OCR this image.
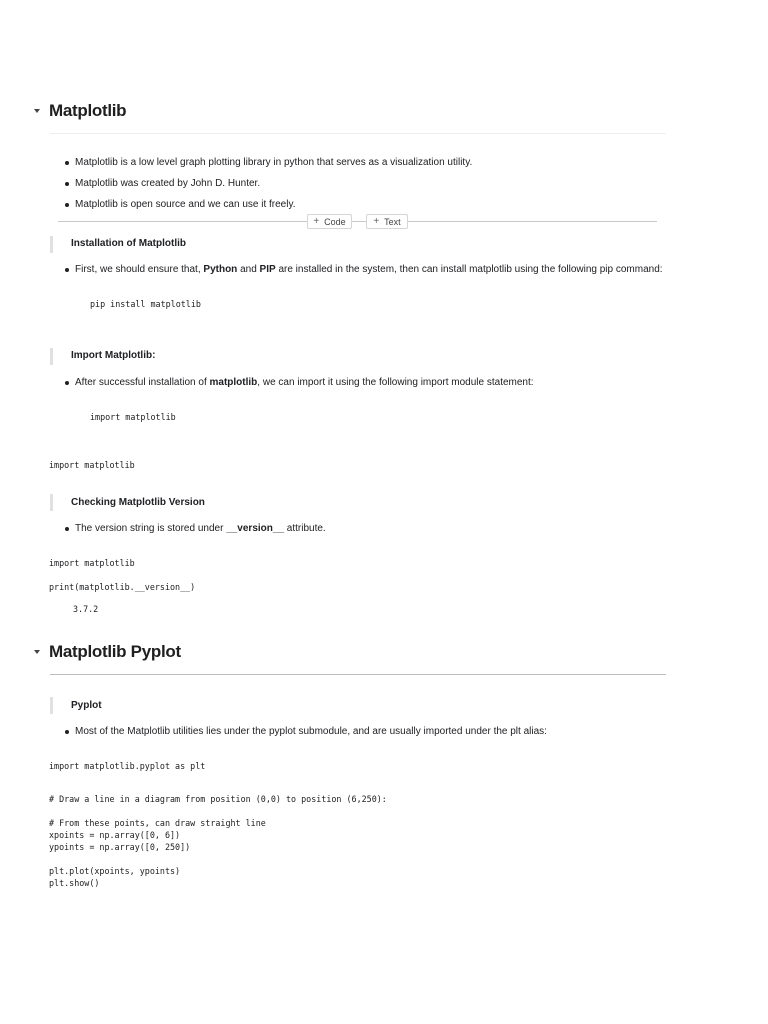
Matplotlib
Matplotlib is a low level graph plotting library in python that serves as a visualization utility.
Matplotlib was created by John D. Hunter.
Matplotlib is open source and we can use it freely.
+ Code	+ Text
Installation of Matplotlib
First, we should ensure that, Python and PIP are installed in the system, then can install matplotlib using the following pip command:
pip install matplotlib
Import Matplotlib:
After successful installation of matplotlib, we can import it using the following import module statement:
import matplotlib
import matplotlib
Checking Matplotlib Version
The version string is stored under __version__ attribute.
import matplotlib
print(matplotlib.__version__)
3.7.2
Matplotlib Pyplot
Pyplot
Most of the Matplotlib utilities lies under the pyplot submodule, and are usually imported under the plt alias:
import matplotlib.pyplot as plt
# Draw a line in a diagram from position (0,0) to position (6,250):

# From these points, can draw straight line
xpoints = np.array([0, 6])
ypoints = np.array([0, 250])

plt.plot(xpoints, ypoints)
plt.show()
